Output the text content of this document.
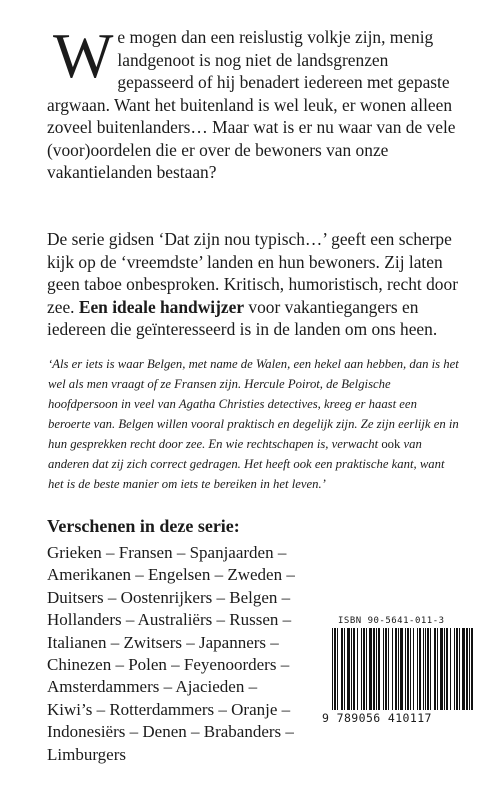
W e mogen dan een reislustig volkje zijn, menig landgenoot is nog niet de landsgrenzen gepasseerd of hij benadert iedereen met gepaste argwaan. Want het buitenland is wel leuk, er wonen alleen zoveel buitenlanders… Maar wat is er nu waar van de vele (voor)oordelen die er over de bewoners van onze vakantielanden bestaan?
De serie gidsen ‘Dat zijn nou typisch…’ geeft een scherpe kijk op de ‘vreemdste’ landen en hun bewoners. Zij laten geen taboe onbesproken. Kritisch, humoristisch, recht door zee. Een ideale handwijzer voor vakantiegangers en iedereen die geïnteresseerd is in de landen om ons heen.
‘Als er iets is waar Belgen, met name de Walen, een hekel aan hebben, dan is het wel als men vraagt of ze Fransen zijn. Hercule Poirot, de Belgische hoofdpersoon in veel van Agatha Christies detectives, kreeg er haast een beroerte van. Belgen willen vooral praktisch en degelijk zijn. Ze zijn eerlijk en in hun gesprekken recht door zee. En wie rechtschapen is, verwacht ook van anderen dat zij zich correct gedragen. Het heeft ook een praktische kant, want het is de beste manier om iets te bereiken in het leven.’
Verschenen in deze serie:
Grieken – Fransen – Spanjaarden –
Amerikanen – Engelsen – Zweden –
Duitsers – Oostenrijkers – Belgen –
Hollanders – Australiërs – Russen –
Italianen – Zwitsers – Japanners –
Chinezen – Polen – Feyenoorders –
Amsterdammers – Ajacieden –
Kiwi’s – Rotterdammers – Oranje –
Indonesiërs – Denen – Brabanders –
Limburgers
ISBN 90-5641-011-3
9 789056 410117
